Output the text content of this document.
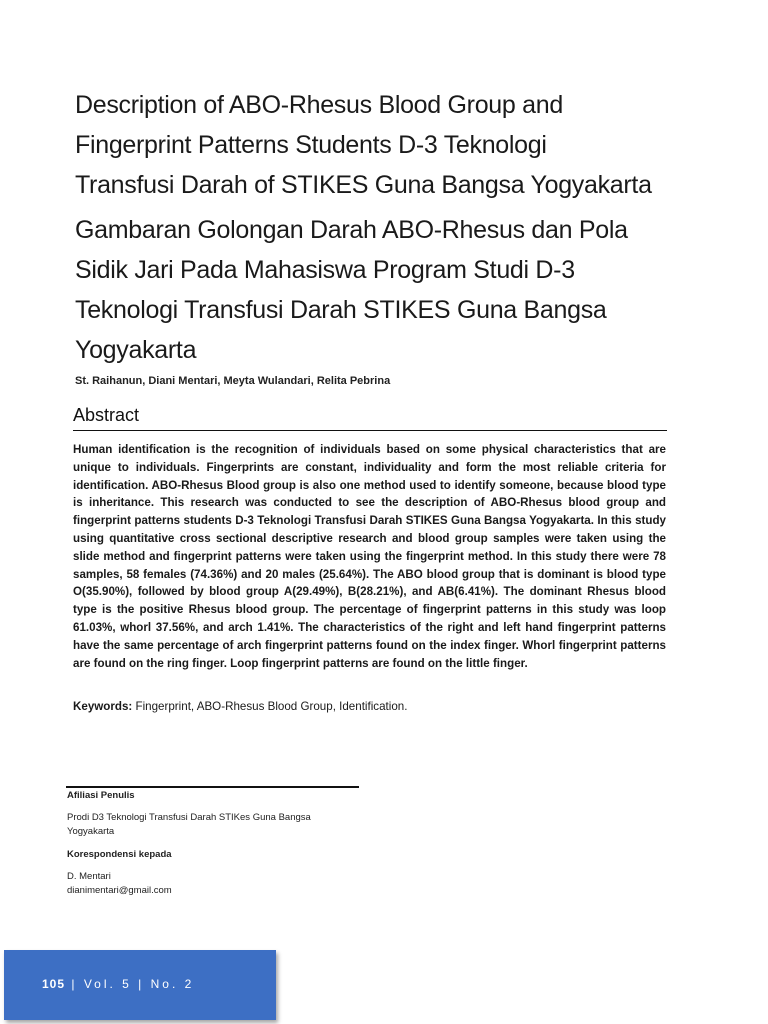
Description of ABO-Rhesus Blood Group and
Fingerprint Patterns Students D-3 Teknologi
Transfusi Darah of STIKES Guna Bangsa Yogyakarta
Gambaran Golongan Darah ABO-Rhesus dan Pola
Sidik Jari Pada Mahasiswa Program Studi D-3
Teknologi Transfusi Darah STIKES Guna Bangsa
Yogyakarta
St. Raihanun, Diani Mentari, Meyta Wulandari, Relita Pebrina
Abstract

Human identification is the recognition of individuals based on some physical characteristics that are unique to individuals. Fingerprints are constant, individuality and form the most reliable criteria for identification. ABO-Rhesus Blood group is also one method used to identify someone, because blood type is inheritance. This research was conducted to see the description of ABO-Rhesus blood group and fingerprint patterns students D-3 Teknologi Transfusi Darah STIKES Guna Bangsa Yogyakarta. In this study using quantitative cross sectional descriptive research and blood group samples were taken using the slide method and fingerprint patterns were taken using the fingerprint method. In this study there were 78 samples, 58 females (74.36%) and 20 males (25.64%). The ABO blood group that is dominant is blood type O(35.90%), followed by blood group A(29.49%), B(28.21%), and AB(6.41%). The dominant Rhesus blood type is the positive Rhesus blood group. The percentage of fingerprint patterns in this study was loop 61.03%, whorl 37.56%, and arch 1.41%. The characteristics of the right and left hand fingerprint patterns have the same percentage of arch fingerprint patterns found on the index finger. Whorl fingerprint patterns are found on the ring finger. Loop fingerprint patterns are found on the little finger.

Keywords: Fingerprint, ABO-Rhesus Blood Group, Identification.
Afiliasi Penulis
Prodi D3 Teknologi Transfusi Darah STIKes Guna Bangsa
Yogyakarta
Korespondensi kepada
D. Mentari
dianimentari@gmail.com
105 | Vol. 5 | No. 2
